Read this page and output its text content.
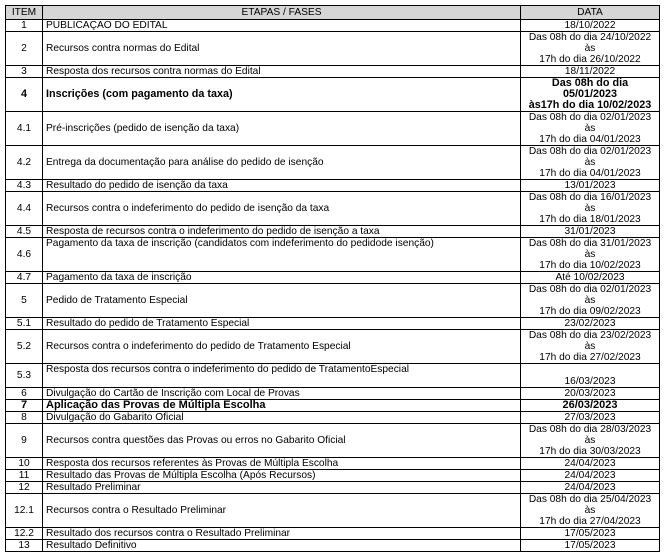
ITEM	ETAPAS / FASES	DATA
1	PUBLICAÇÃO DO EDITAL	18/10/2022

2	Recursos contra normas do Edital	Das 08h do dia 24/10/2022 às
17h do dia 26/10/2022

3	Resposta dos recursos contra normas do Edital	18/11/2022

4	Inscrições (com pagamento da taxa)	Das 08h do dia 05/01/2023
às17h do dia 10/02/2023

4.1	Pré-inscrições (pedido de isenção da taxa)	Das 08h do dia 02/01/2023 às
17h do dia 04/01/2023

4.2	Entrega da documentação para análise do pedido de isenção	Das 08h do dia 02/01/2023 às
17h do dia 04/01/2023

4.3	Resultado do pedido de isenção da taxa	13/01/2023

4.4	Recursos contra o indeferimento do pedido de isenção da taxa	Das 08h do dia 16/01/2023 às
17h do dia 18/01/2023

4.5	Resposta de recursos contra o indeferimento do pedido de isenção a taxa	31/01/2023

4.6	Pagamento da taxa de inscrição (candidatos com indeferimento do pedidode isenção)	Das 08h do dia 31/01/2023 às
17h do dia 10/02/2023

4.7	Pagamento da taxa de inscrição	Até 10/02/2023

5	Pedido de Tratamento Especial	Das 08h do dia 02/01/2023 às
17h do dia 09/02/2023

5.1	Resultado do pedido de Tratamento Especial	23/02/2023

5.2	Recursos contra o indeferimento do pedido de Tratamento Especial	Das 08h do dia 23/02/2023 às
17h do dia 27/02/2023

5.3	Resposta dos recursos contra o indeferimento do pedido de TratamentoEspecial	16/03/2023

6	Divulgação do Cartão de Inscrição com Local de Provas	20/03/2023

7	Aplicação das Provas de Múltipla Escolha	26/03/2023

8	Divulgação do Gabarito Oficial	27/03/2023

9	Recursos contra questões das Provas ou erros no Gabarito Oficial	Das 08h do dia 28/03/2023 às
17h do dia 30/03/2023

10	Resposta dos recursos referentes às Provas de Múltipla Escolha	24/04/2023

11	Resultado das Provas de Múltipla Escolha (Após Recursos)	24/04/2023

12	Resultado Preliminar	24/04/2023

12.1	Recursos contra o Resultado Preliminar	Das 08h do dia 25/04/2023 às
17h do dia 27/04/2023

12.2	Resultado dos recursos contra o Resultado Preliminar	17/05/2023

13	Resultado Definitivo	17/05/2023
